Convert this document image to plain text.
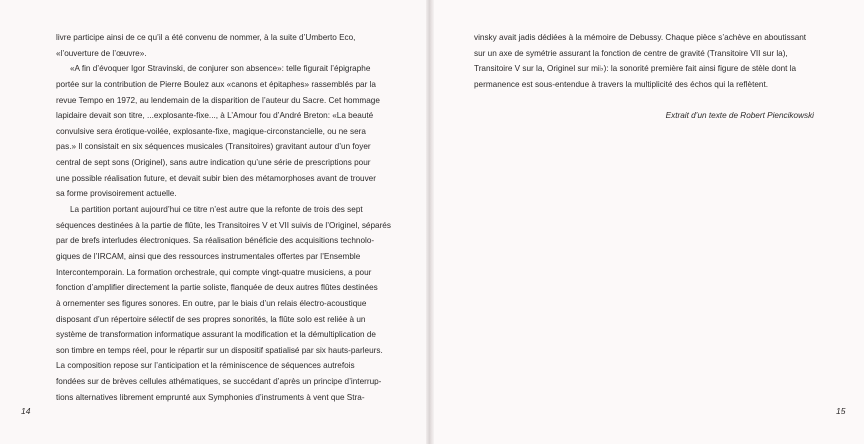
livre participe ainsi de ce qu’il a été convenu de nommer, à la suite d’Umberto Eco,
«l’ouverture de l’œuvre».
«A fin d’évoquer Igor Stravinski, de conjurer son absence»: telle figurait l’épigraphe
portée sur la contribution de Pierre Boulez aux «canons et épitaphes» rassemblés par la
revue Tempo en 1972, au lendemain de la disparition de l’auteur du Sacre. Cet hommage
lapidaire devait son titre, ...explosante-fixe..., à L’Amour fou d’André Breton: «La beauté
convulsive sera érotique-voilée, explosante-fixe, magique-circonstancielle, ou ne sera
pas.» Il consistait en six séquences musicales (Transitoires) gravitant autour d’un foyer
central de sept sons (Originel), sans autre indication qu’une série de prescriptions pour
une possible réalisation future, et devait subir bien des métamorphoses avant de trouver
sa forme provisoirement actuelle.
La partition portant aujourd’hui ce titre n’est autre que la refonte de trois des sept
séquences destinées à la partie de flûte, les Transitoires V et VII suivis de l’Originel, séparés
par de brefs interludes électroniques. Sa réalisation bénéficie des acquisitions technolo-
giques de l’IRCAM, ainsi que des ressources instrumentales offertes par l’Ensemble
Intercontemporain. La formation orchestrale, qui compte vingt-quatre musiciens, a pour
fonction d’amplifier directement la partie soliste, flanquée de deux autres flûtes destinées
à ornementer ses figures sonores. En outre, par le biais d’un relais électro-acoustique
disposant d’un répertoire sélectif de ses propres sonorités, la flûte solo est reliée à un
système de transformation informatique assurant la modification et la démultiplication de
son timbre en temps réel, pour le répartir sur un dispositif spatialisé par six hauts-parleurs.
La composition repose sur l’anticipation et la réminiscence de séquences autrefois
fondées sur de brèves cellules athématiques, se succédant d’après un principe d’interrup-
tions alternatives librement emprunté aux Symphonies d’instruments à vent que Stra-
vinsky avait jadis dédiées à la mémoire de Debussy. Chaque pièce s’achève en aboutissant
sur un axe de symétrie assurant la fonction de centre de gravité (Transitoire VII sur la),
Transitoire V sur la, Originel sur mi♭): la sonorité première fait ainsi figure de stèle dont la
permanence est sous-entendue à travers la multiplicité des échos qui la reflètent.
Extrait d’un texte de Robert Piencikowski
14	15
